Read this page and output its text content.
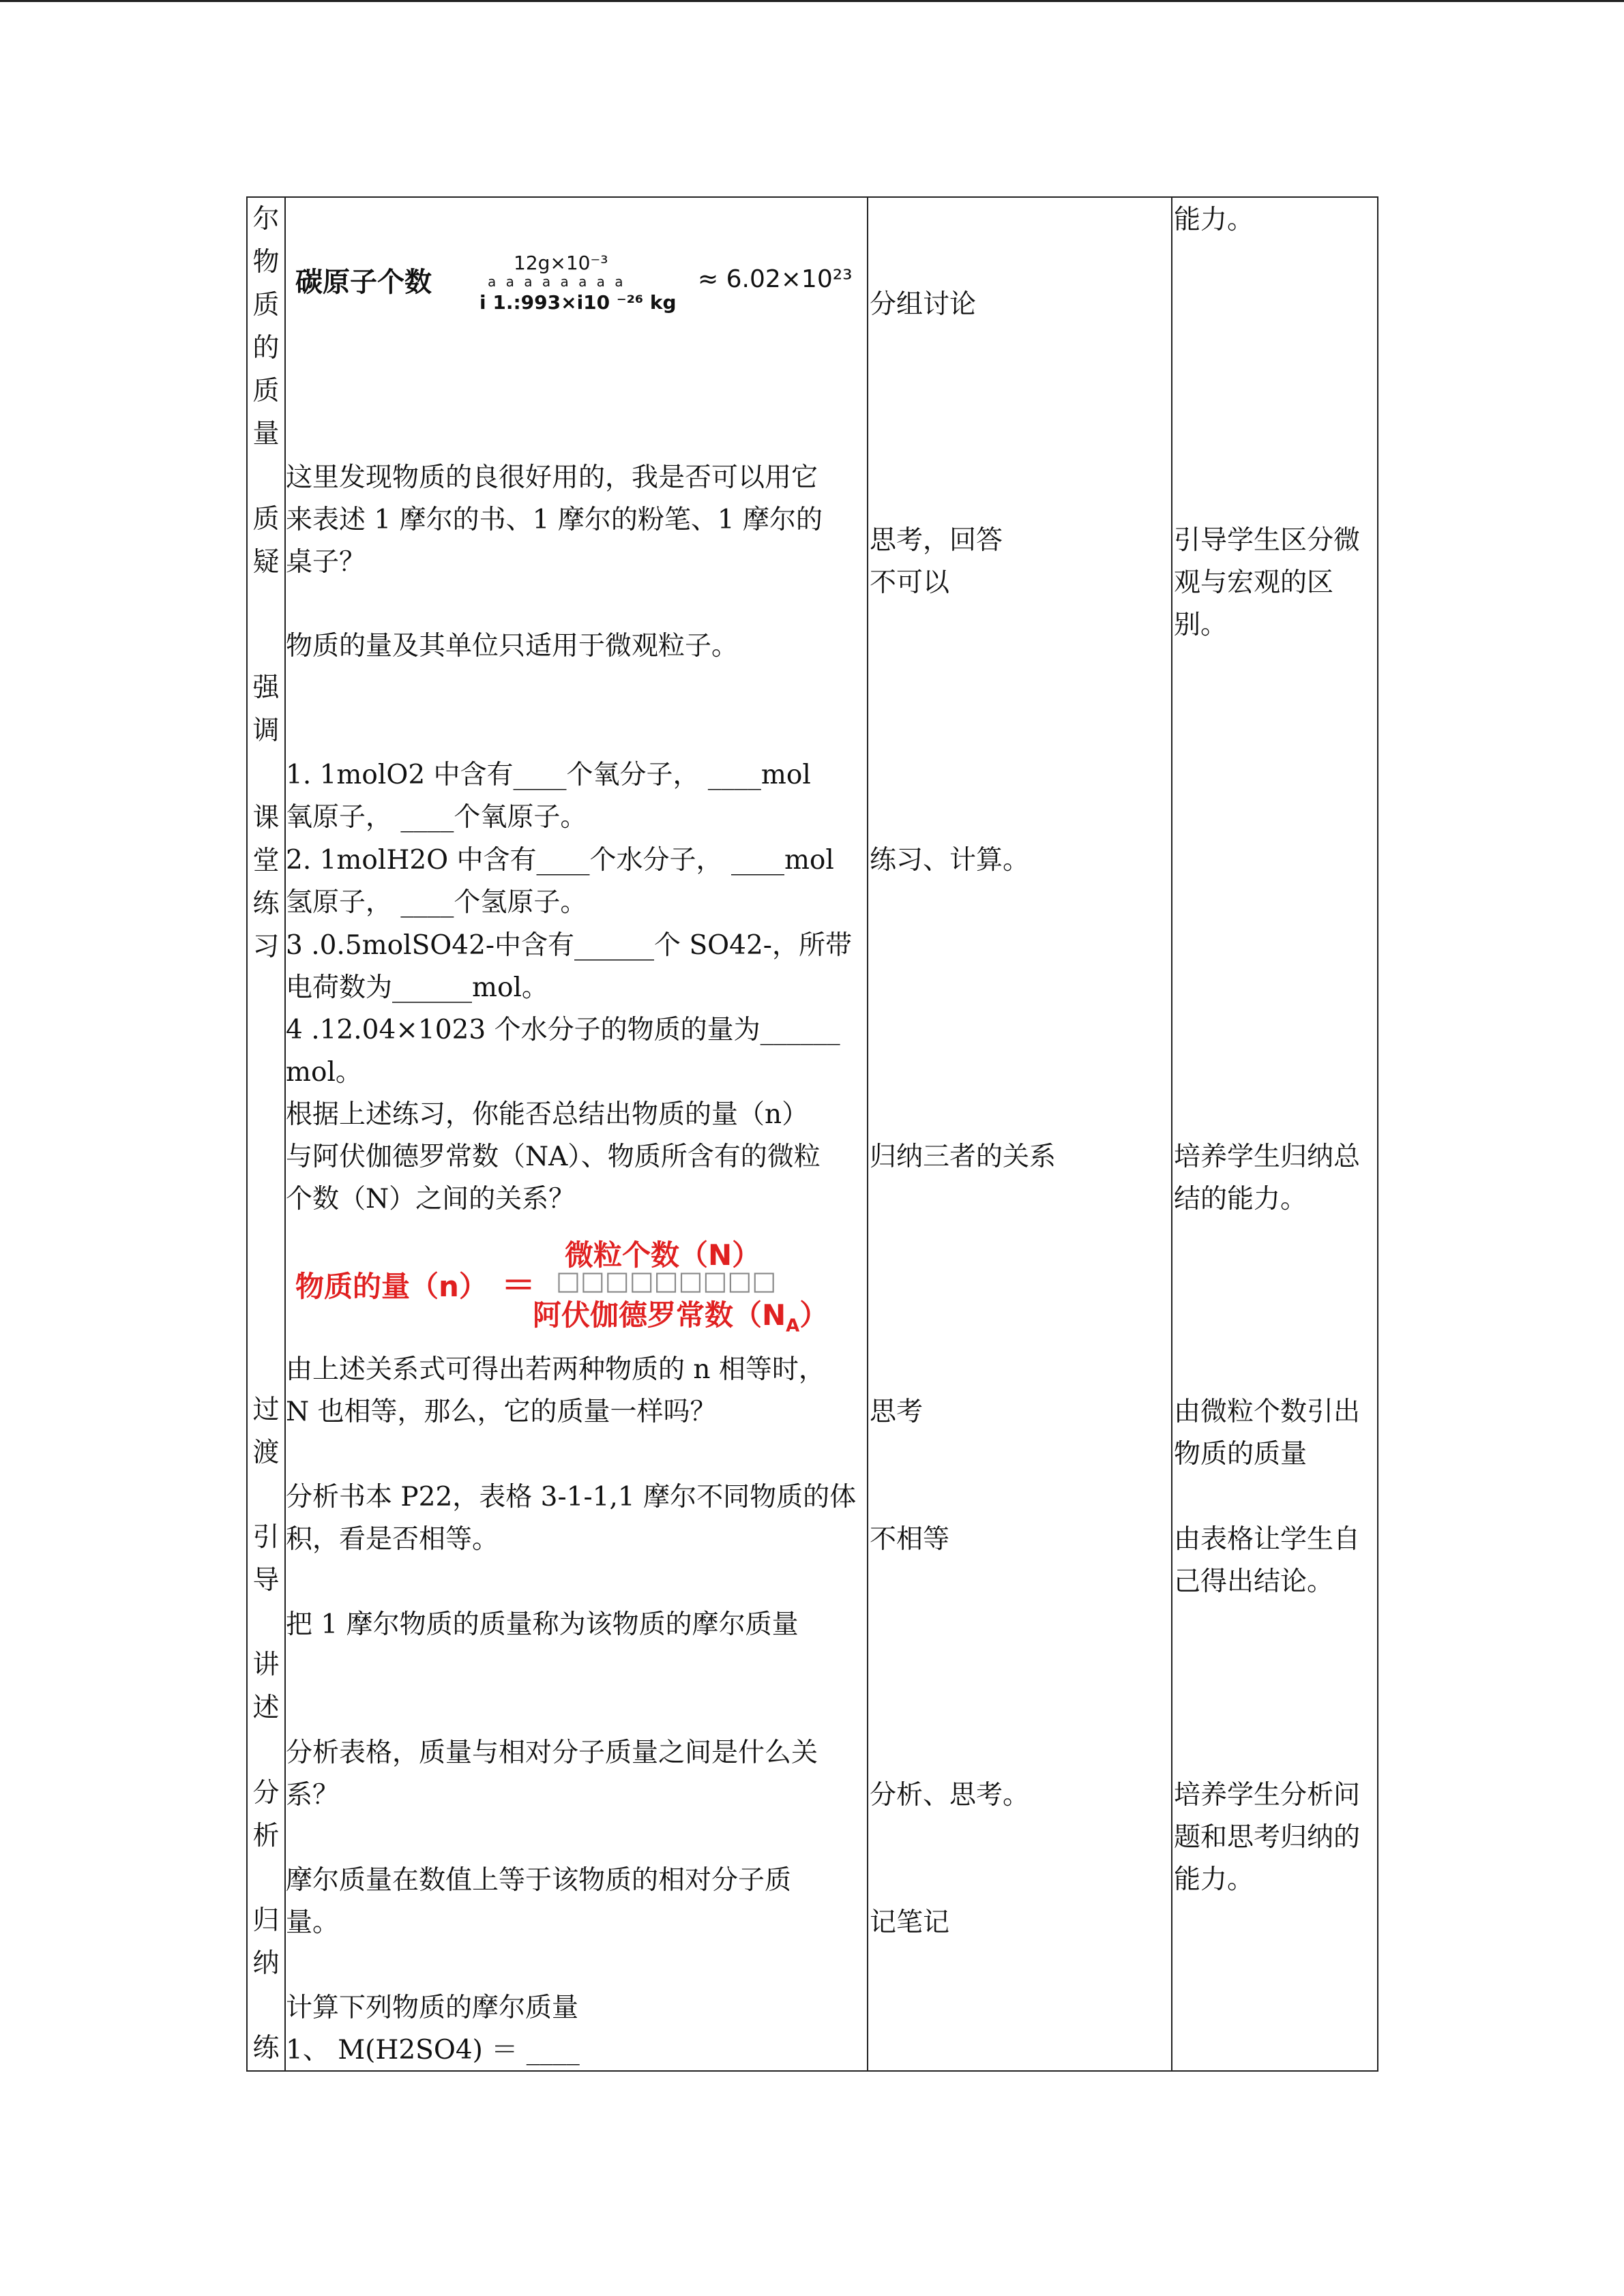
尔
物
质
的
质
量
质
疑
强
调
课
堂
练
习
过
渡
引
导
讲
述
分
析
归
纳
练
碳原子个数
12g×10⁻³
a a a a a a a a
i 1.:993×i10 ⁻²⁶ kg
≈ 6.02×10²³
这里发现物质的良很好用的，我是否可以用它
来表述 1 摩尔的书、1 摩尔的粉笔、1 摩尔的
桌子？
物质的量及其单位只适用于微观粒子。
1. 1molO2 中含有____个氧分子， ____mol
氧原子， ____个氧原子。
2. 1molH2O 中含有____个水分子， ____mol
氢原子， ____个氢原子。
3 .0.5molSO42-中含有______个 SO42-，所带
电荷数为______mol。
4 .12.04×1023 个水分子的物质的量为______
mol。
根据上述练习，你能否总结出物质的量（n）
与阿伏伽德罗常数（NA）、物质所含有的微粒
个数（N）之间的关系？
物质的量（n） ＝
微粒个数（N）
□□□□□□□□□
阿伏伽德罗常数$(N_A)$
由上述关系式可得出若两种物质的 n 相等时，
N 也相等，那么，它的质量一样吗？
分析书本 P22，表格 3-1-1,1 摩尔不同物质的体
积，看是否相等。
把 1 摩尔物质的质量称为该物质的摩尔质量
分析表格，质量与相对分子质量之间是什么关
系？
摩尔质量在数值上等于该物质的相对分子质
量。
计算下列物质的摩尔质量
1、 M(H2SO4) ＝ ____
分组讨论
思考，回答
不可以
练习、计算。
归纳三者的关系
思考
不相等
分析、思考。
记笔记
能力。
引导学生区分微
观与宏观的区
别。
培养学生归纳总
结的能力。
由微粒个数引出
物质的质量
由表格让学生自
己得出结论。
培养学生分析问
题和思考归纳的
能力。
